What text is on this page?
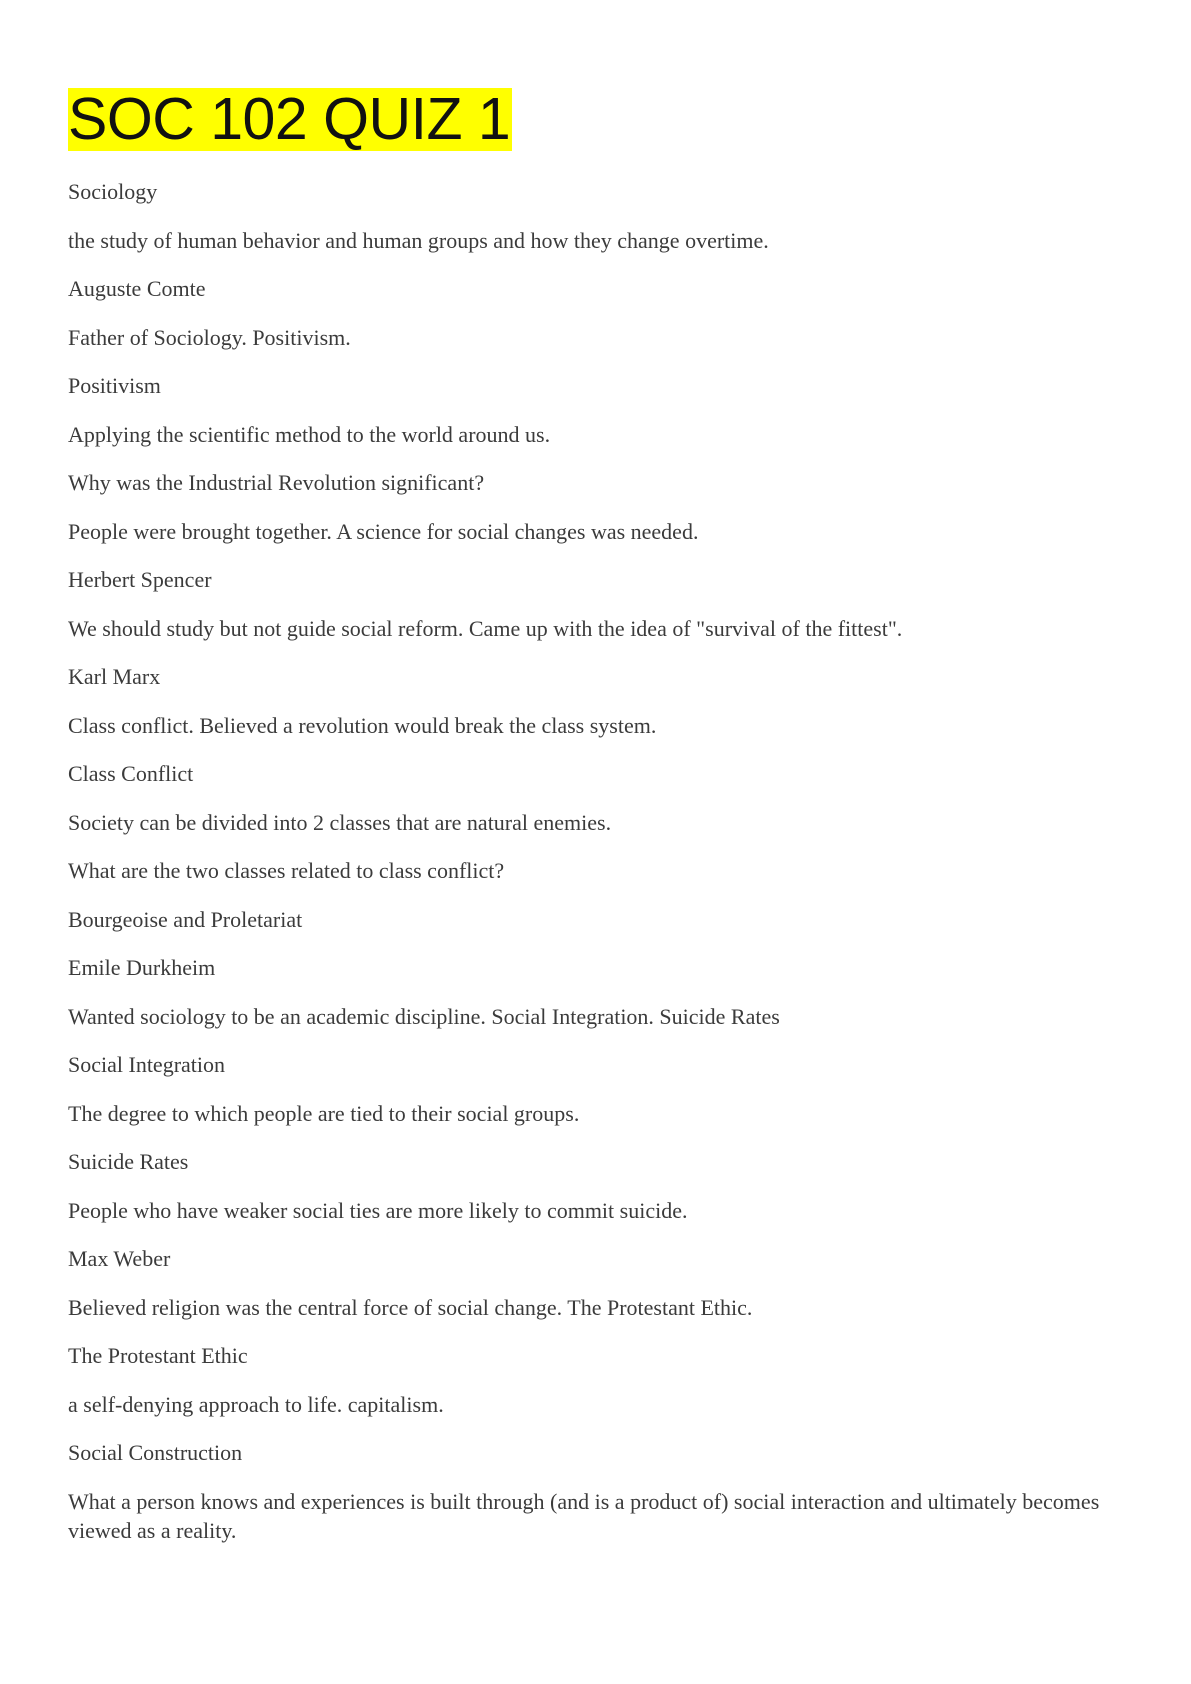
SOC 102 QUIZ 1
Sociology
the study of human behavior and human groups and how they change overtime.
Auguste Comte
Father of Sociology. Positivism.
Positivism
Applying the scientific method to the world around us.
Why was the Industrial Revolution significant?
People were brought together. A science for social changes was needed.
Herbert Spencer
We should study but not guide social reform. Came up with the idea of "survival of the fittest".
Karl Marx
Class conflict. Believed a revolution would break the class system.
Class Conflict
Society can be divided into 2 classes that are natural enemies.
What are the two classes related to class conflict?
Bourgeoise and Proletariat
Emile Durkheim
Wanted sociology to be an academic discipline. Social Integration. Suicide Rates
Social Integration
The degree to which people are tied to their social groups.
Suicide Rates
People who have weaker social ties are more likely to commit suicide.
Max Weber
Believed religion was the central force of social change. The Protestant Ethic.
The Protestant Ethic
a self-denying approach to life. capitalism.
Social Construction
What a person knows and experiences is built through (and is a product of) social interaction and ultimately becomes viewed as a reality.
